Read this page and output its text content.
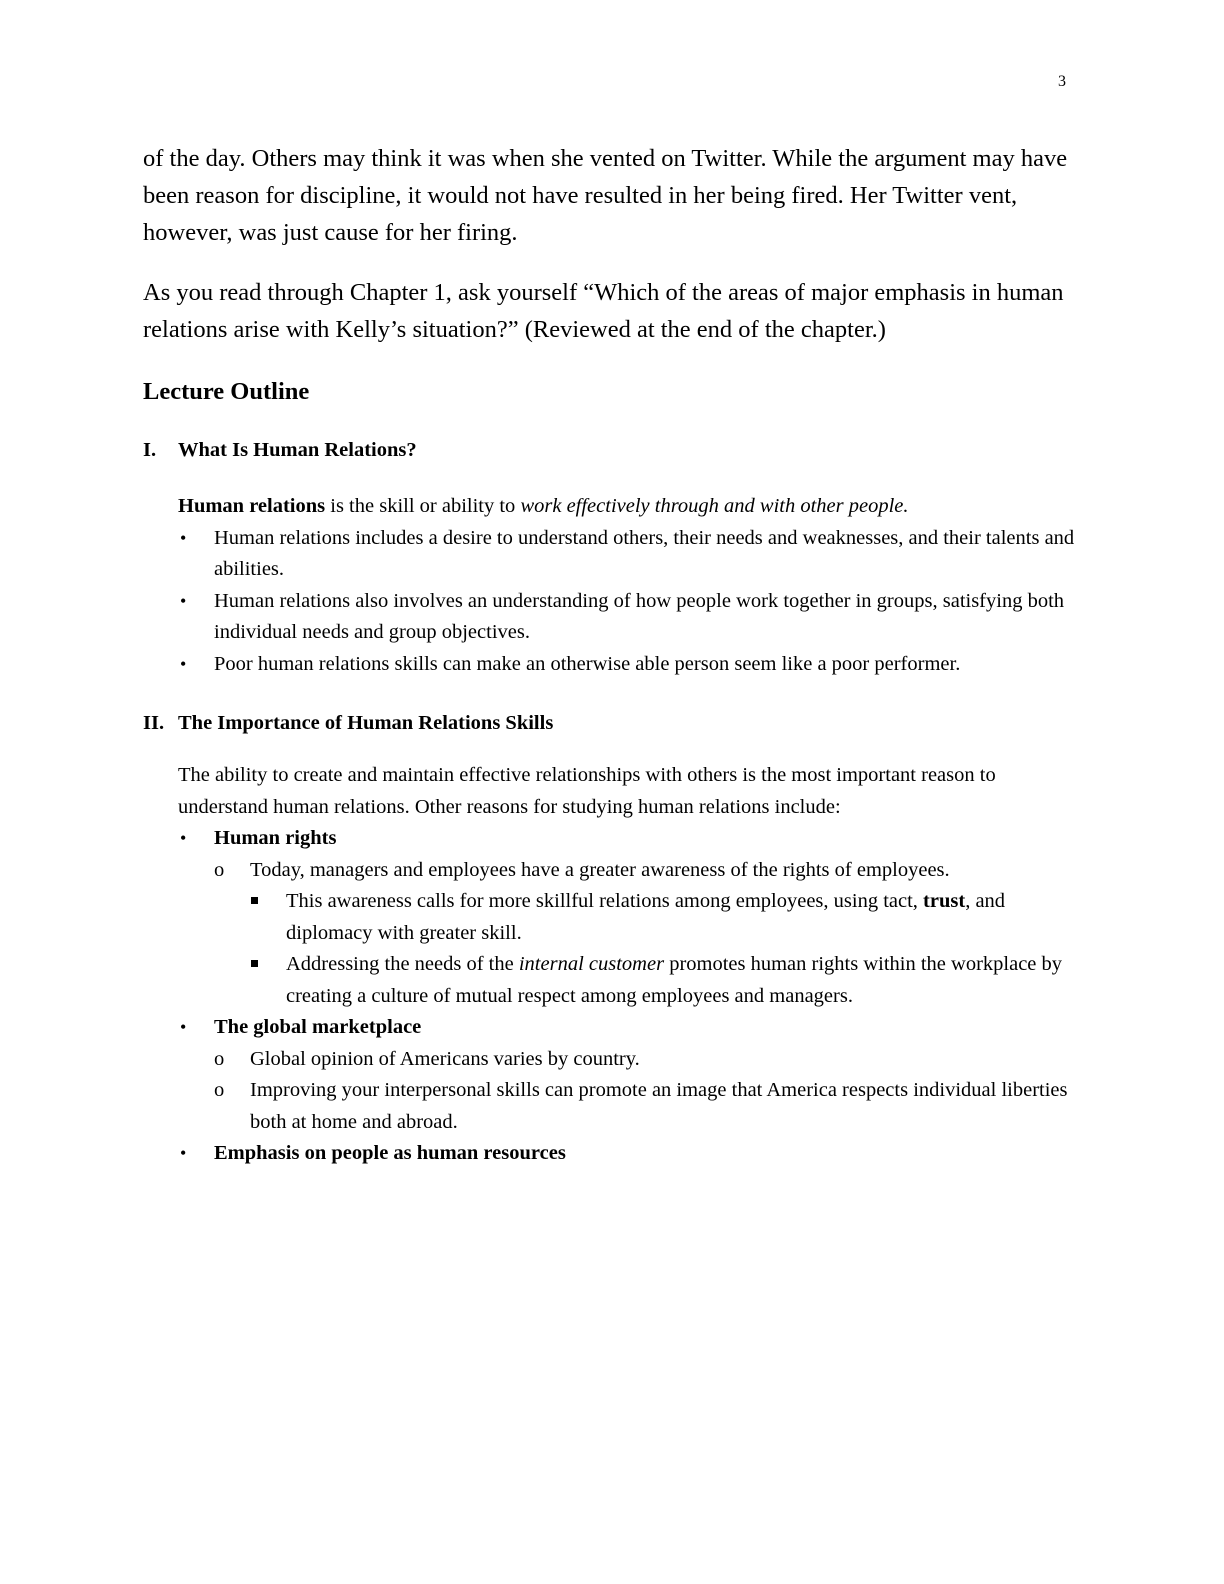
3

of the day. Others may think it was when she vented on Twitter. While the argument may have been reason for discipline, it would not have resulted in her being fired. Her Twitter vent, however, was just cause for her firing.

As you read through Chapter 1, ask yourself “Which of the areas of major emphasis in human relations arise with Kelly’s situation?” (Reviewed at the end of the chapter.)

Lecture Outline
I.	What Is Human Relations?

Human relations is the skill or ability to work effectively through and with other people.

• Human relations includes a desire to understand others, their needs and weaknesses, and their talents and abilities.
• Human relations also involves an understanding of how people work together in groups, satisfying both individual needs and group objectives.
• Poor human relations skills can make an otherwise able person seem like a poor performer.
II. The Importance of Human Relations Skills

The ability to create and maintain effective relationships with others is the most important reason to understand human relations. Other reasons for studying human relations include:

• Human rights
o Today, managers and employees have a greater awareness of the rights of employees.
This awareness calls for more skillful relations among employees, using tact, trust, and diplomacy with greater skill.
Addressing the needs of the internal customer promotes human rights within the workplace by creating a culture of mutual respect among employees and managers.
• The global marketplace
o Global opinion of Americans varies by country.
o Improving your interpersonal skills can promote an image that America respects individual liberties both at home and abroad.
• Emphasis on people as human resources
